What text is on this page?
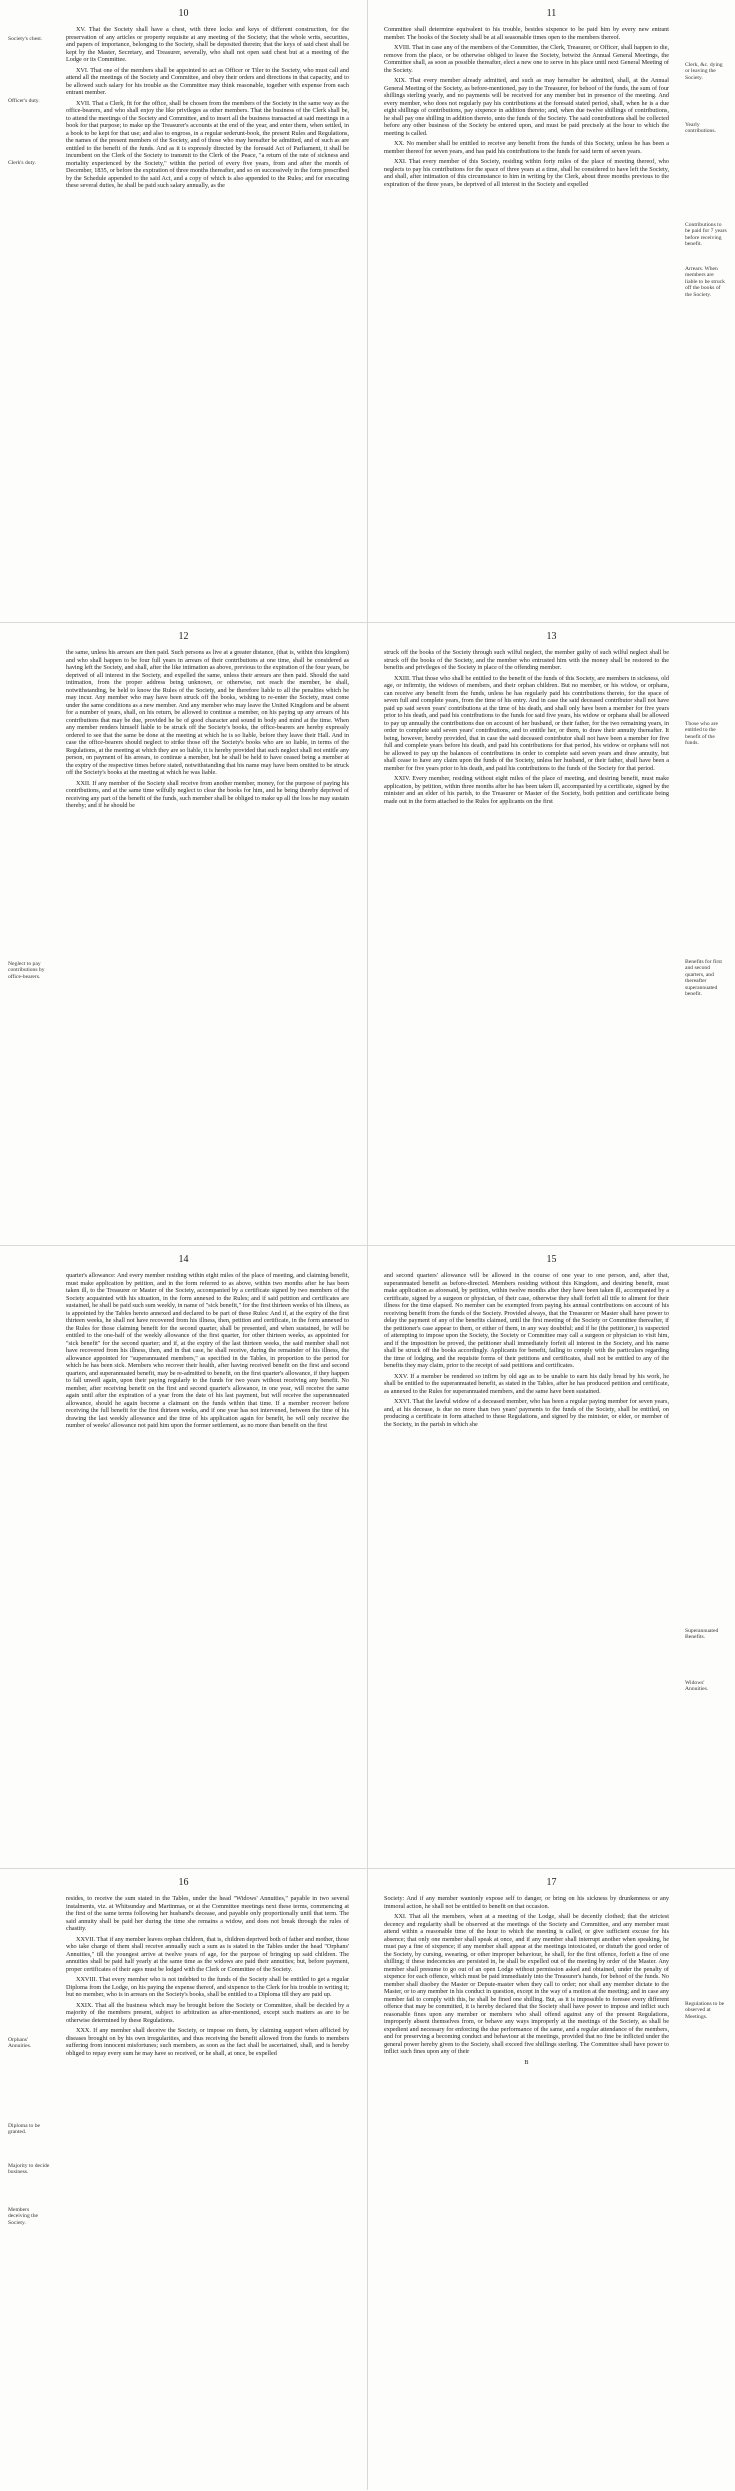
10

XV. That the Society shall have a chest, with three locks and keys of different construction, for the preservation of any articles or property requisite at any meeting of the Society; that the whole writs, securities, and papers of importance, belonging to the Society, shall be deposited therein; that the keys of said chest shall be kept by the Master, Secretary, and Treasurer, severally, who shall not open said chest but at a meeting of the Lodge or its Committee.

XVI. That one of the members shall be appointed to act as Officer or Tiler to the Society, who must call and attend all the meetings of the Society and Committee, and obey their orders and directions in that capacity, and to be allowed such salary for his trouble as the Committee may think reasonable, together with expense from each entrant member.

XVII. That a Clerk, fit for the office, shall be chosen from the members of the Society in the same way as the office-bearers, and who shall enjoy the like privileges as other members. That the business of the Clerk shall be, to attend the meetings of the Society and Committee, and to insert all the business transacted at said meetings in a book for that purpose; to make up the Treasurer's accounts at the end of the year, and enter them, when settled, in a book to be kept for that use; and also to engross, in a regular sederunt-book, the present Rules and Regulations, the names of the present members of the Society, and of those who may hereafter be admitted, and of such as are entitled to the benefit of the funds. And as it is expressly directed by the foresaid Act of Parliament, it shall be incumbent on the Clerk of the Society to transmit to the Clerk of the Peace, "a return of the rate of sickness and mortality experienced by the Society," within the period of every five years, from and after the month of December, 1835, or before the expiration of three months thereafter, and so on successively in the form prescribed by the Schedule appended to the said Act, and a copy of which is also appended to the Rules; and for executing these several duties, he shall be paid such salary annually, as the

Society's chest.
Officer's duty.
Clerk's duty.
11

Committee shall determine equivalent to his trouble, besides sixpence to be paid him by every new entrant member. The books of the Society shall be at all seasonable times open to the members thereof.

XVIII. That in case any of the members of the Committee, the Clerk, Treasurer, or Officer, shall happen to die, remove from the place, or be otherwise obliged to leave the Society, betwixt the Annual General Meetings, the Committee shall, as soon as possible thereafter, elect a new one to serve in his place until next General Meeting of the Society.

XIX. That every member already admitted, and such as may hereafter be admitted, shall, at the Annual General Meeting of the Society, as before-mentioned, pay to the Treasurer, for behoof of the funds, the sum of four shillings sterling yearly, and no payments will be received for any member but in presence of the meeting. And every member, who does not regularly pay his contributions at the foresaid stated period, shall, when he is a due eight shillings of contributions, pay sixpence in addition thereto; and, when due twelve shillings of contributions, he shall pay one shilling in addition thereto, unto the funds of the Society. The said contributions shall be collected before any other business of the Society be entered upon, and must be paid precisely at the hour to which the meeting is called.

XX. No member shall be entitled to receive any benefit from the funds of this Society, unless he has been a member thereof for seven years, and has paid his contributions to the funds for said term of seven years.

XXI. That every member of this Society, residing within forty miles of the place of meeting thereof, who neglects to pay his contributions for the space of three years at a time, shall be considered to have left the Society, and shall, after intimation of this circumstance to him in writing by the Clerk, about three months previous to the expiration of the three years, be deprived of all interest in the Society and expelled

Clerk, &c. dying or leaving the Society.
Yearly contributions.
Contributions to be paid for 7 years before receiving benefit.
Arrears. When members are liable to be struck off the books of the Society.
12

the same, unless his arrears are then paid. Such persons as live at a greater distance, (that is, within this kingdom) and who shall happen to be four full years in arrears of their contributions at one time, shall be considered as having left the Society, and shall, after the like intimation as above, previous to the expiration of the four years, be deprived of all interest in the Society, and expelled the same, unless their arrears are then paid. Should the said intimation, from the proper address being unknown, or otherwise, not reach the member, he shall, notwithstanding, be held to know the Rules of the Society, and be therefore liable to all the penalties which he may incur. Any member who may have been struck off the books, wishing to re-enter the Society, must come under the same conditions as a new member. And any member who may leave the United Kingdom and be absent for a number of years, shall, on his return, be allowed to continue a member, on his paying up any arrears of his contributions that may be due, provided he be of good character and sound in body and mind at the time. When any member renders himself liable to be struck off the Society's books, the office-bearers are hereby expressly ordered to see that the same be done at the meeting at which he is so liable, before they leave their Hall. And in case the office-bearers should neglect to strike those off the Society's books who are so liable, in terms of the Regulations, at the meeting at which they are so liable, it is hereby provided that such neglect shall not entitle any person, on payment of his arrears, to continue a member, but he shall be held to have ceased being a member at the expiry of the respective times before stated, notwithstanding that his name may have been omitted to be struck off the Society's books at the meeting at which he was liable.

XXII. If any member of the Society shall receive from another member, money, for the purpose of paying his contributions, and at the same time wilfully neglect to clear the books for him, and he being thereby deprived of receiving any part of the benefit of the funds, such member shall be obliged to make up all the loss he may sustain thereby; and if he should be

Neglect to pay contributions by office-bearers.
13

struck off the books of the Society through such wilful neglect, the member guilty of such wilful neglect shall be struck off the books of the Society, and the member who entrusted him with the money shall be restored to the benefits and privileges of the Society in place of the offending member.

XXIII. That those who shall be entitled to the benefit of the funds of this Society, are members in sickness, old age, or infirmity, the widows of members, and their orphan children. But no member, or his widow, or orphans, can receive any benefit from the funds, unless he has regularly paid his contributions thereto, for the space of seven full and complete years, from the time of his entry. And in case the said deceased contributor shall not have paid up said seven years' contributions at the time of his death, and shall only have been a member for five years prior to his death, and paid his contributions to the funds for said five years, his widow or orphans shall be allowed to pay up annually the contributions due on account of her husband, or their father, for the two remaining years, in order to complete said seven years' contributions, and to entitle her, or them, to draw their annuity thereafter. It being, however, hereby provided, that in case the said deceased contributor shall not have been a member for five full and complete years before his death, and paid his contributions for that period, his widow or orphans will not be allowed to pay up the balances of contributions in order to complete said seven years and draw annuity, but shall cease to have any claim upon the funds of the Society, unless her husband, or their father, shall have been a member for five years prior to his death, and paid his contributions to the funds of the Society for that period.

XXIV. Every member, residing without eight miles of the place of meeting, and desiring benefit, must make application, by petition, within three months after he has been taken ill, accompanied by a certificate, signed by the minister and an elder of his parish, to the Treasurer or Master of the Society, both petition and certificate being made out in the form attached to the Rules for applicants on the first

Those who are entitled to the benefit of the funds.
Benefits for first and second quarters, and thereafter superannuated benefit.
14

quarter's allowance: And every member residing within eight miles of the place of meeting, and claiming benefit, must make application by petition, and in the form referred to as above, within two months after he has been taken ill, to the Treasurer or Master of the Society, accompanied by a certificate signed by two members of the Society acquainted with his situation, in the form annexed to the Rules; and if said petition and certificates are sustained, he shall be paid such sum weekly, in name of "sick benefit," for the first thirteen weeks of his illness, as is appointed by the Tables hereto annexed and declared to be part of these Rules: And if, at the expiry of the first thirteen weeks, he shall not have recovered from his illness, then, petition and certificate, in the form annexed to the Rules for those claiming benefit for the second quarter, shall be presented, and when sustained, he will be entitled to the one-half of the weekly allowance of the first quarter, for other thirteen weeks, as appointed for "sick benefit" for the second quarter; and if, at the expiry of the last thirteen weeks, the said member shall not have recovered from his illness, then, and in that case, he shall receive, during the remainder of his illness, the allowance appointed for "superannuated members," as specified in the Tables, in proportion to the period for which he has been sick. Members who recover their health, after having received benefit on the first and second quarters, and superannuated benefit, may be re-admitted to benefit, on the first quarter's allowance, if they happen to fall unwell again, upon their paying regularly to the funds for two years without receiving any benefit. No member, after receiving benefit on the first and second quarter's allowance, in one year, will receive the same again until after the expiration of a year from the date of his last payment, but will receive the superannuated allowance, should he again become a claimant on the funds within that time. If a member recover before receiving the full benefit for the first thirteen weeks, and if one year has not intervened, between the time of his drawing the last weekly allowance and the time of his application again for benefit, he will only receive the number of weeks' allowance not paid him upon the former settlement, as no more than benefit on the first

15

and second quarters' allowance will be allowed in the course of one year to one person, and, after that, superannuated benefit as before-directed. Members residing without this Kingdom, and desiring benefit, must make application as aforesaid, by petition, within twelve months after they have been taken ill, accompanied by a certificate, signed by a surgeon or physician, of their case, otherwise they shall forfeit all title to aliment for their illness for the time elapsed. No member can be exempted from paying his annual contributions on account of his receiving benefit from the funds of the Society. Provided always, that the Treasurer or Master shall have power to delay the payment of any of the benefits claimed, until the first meeting of the Society or Committee thereafter, if the petitioner's case appear to them, or either of them, in any way doubtful; and if he (the petitioner,) is suspected of attempting to impose upon the Society, the Society or Committee may call a surgeon or physician to visit him, and if the imposition be proved, the petitioner shall immediately forfeit all interest in the Society, and his name shall be struck off the books accordingly. Applicants for benefit, failing to comply with the particulars regarding the time of lodging, and the requisite forms of their petitions and certificates, shall not be entitled to any of the benefits they may claim, prior to the receipt of said petitions and certificates.

XXV. If a member be rendered so infirm by old age as to be unable to earn his daily bread by his work, he shall be entitled to the superannuated benefit, as stated in the Tables, after he has produced petition and certificate, as annexed to the Rules for superannuated members, and the same have been sustained.

XXVI. That the lawful widow of a deceased member, who has been a regular paying member for seven years, and, at his decease, is due no more than two years' payments to the funds of the Society, shall be entitled, on producing a certificate in form attached to these Regulations, and signed by the minister, or elder, or member of the Society, in the parish in which she

Superannuated Benefits.
Widows' Annuities.
16

resides, to receive the sum stated in the Tables, under the head "Widows' Annuities," payable in two several instalments, viz. at Whitsunday and Martinmas, or at the Committee meetings next these terms, commencing at the first of the same terms following her husband's decease, and payable only proportionally until that term. The said annuity shall be paid her during the time she remains a widow, and does not break through the rules of chastity.

XXVII. That if any member leaves orphan children, that is, children deprived both of father and mother, those who take charge of them shall receive annually such a sum as is stated in the Tables under the head "Orphans' Annuities," till the youngest arrive at twelve years of age, for the purpose of bringing up said children. The annuities shall be paid half yearly at the same time as the widows are paid their annuities; but, before payment, proper certificates of their ages must be lodged with the Clerk or Committee of the Society.

XXVIII. That every member who is not indebted to the funds of the Society shall be entitled to get a regular Diploma from the Lodge, on his paying the expense thereof, and sixpence to the Clerk for his trouble in writing it; but no member, who is in arrears on the Society's books, shall be entitled to a Diploma till they are paid up.

XXIX. That all the business which may be brought before the Society or Committee, shall be decided by a majority of the members present, subject to arbitration as after-mentioned, except such matters as are to be otherwise determined by these Regulations.

XXX. If any member shall deceive the Society, or impose on them, by claiming support when afflicted by diseases brought on by his own irregularities, and thus receiving the benefit allowed from the funds to members suffering from innocent misfortunes; such members, as soon as the fact shall be ascertained, shall, and is hereby obliged to repay every sum he may have so received, or he shall, at once, be expelled

Orphans' Annuities.
Diploma to be granted.
Majority to decide business.
Members deceiving the Society.
17

Society: And if any member wantonly expose self to danger, or bring on his sickness by drunkenness or any immoral action, he shall not be entitled to benefit on that occasion.

XXI. That all the members, when at a meeting of the Lodge, shall be decently clothed; that the strictest decency and regularity shall be observed at the meetings of the Society and Committee, and any member must attend within a reasonable time of the hour to which the meeting is called, or give sufficient excuse for his absence; that only one member shall speak at once, and if any member shall interrupt another when speaking, he must pay a fine of sixpence; if any member shall appear at the meetings intoxicated, or disturb the good order of the Society, by cursing, swearing, or other improper behaviour, he shall, for the first offence, forfeit a fine of one shilling; if these indecencies are persisted in, he shall be expelled out of the meeting by order of the Master. Any member shall presume to go out of an open Lodge without permission asked and obtained, under the penalty of sixpence for each offence, which must be paid immediately into the Treasurer's hands, for behoof of the funds. No member shall disobey the Master or Depute-master when they call to order; nor shall any member dictate to the Master, or to any member in his conduct in question, except in the way of a motion at the meeting; and in case any member fail to comply with this, he shall be fined one shilling. But, as it is impossible to foresee every different offence that may be committed, it is hereby declared that the Society shall have power to impose and inflict such reasonable fines upon any member or members who shall offend against any of the present Regulations, improperly absent themselves from, or behave any ways improperly at the meetings of the Society, as shall be expedient and necessary for enforcing the due performance of the same, and a regular attendance of the members, and for preserving a becoming conduct and behaviour at the meetings, provided that no fine be inflicted under the general power hereby given to the Society, shall exceed five shillings sterling. The Committee shall have power to inflict such fines upon any of their

B
Regulations to be observed at Meetings.
